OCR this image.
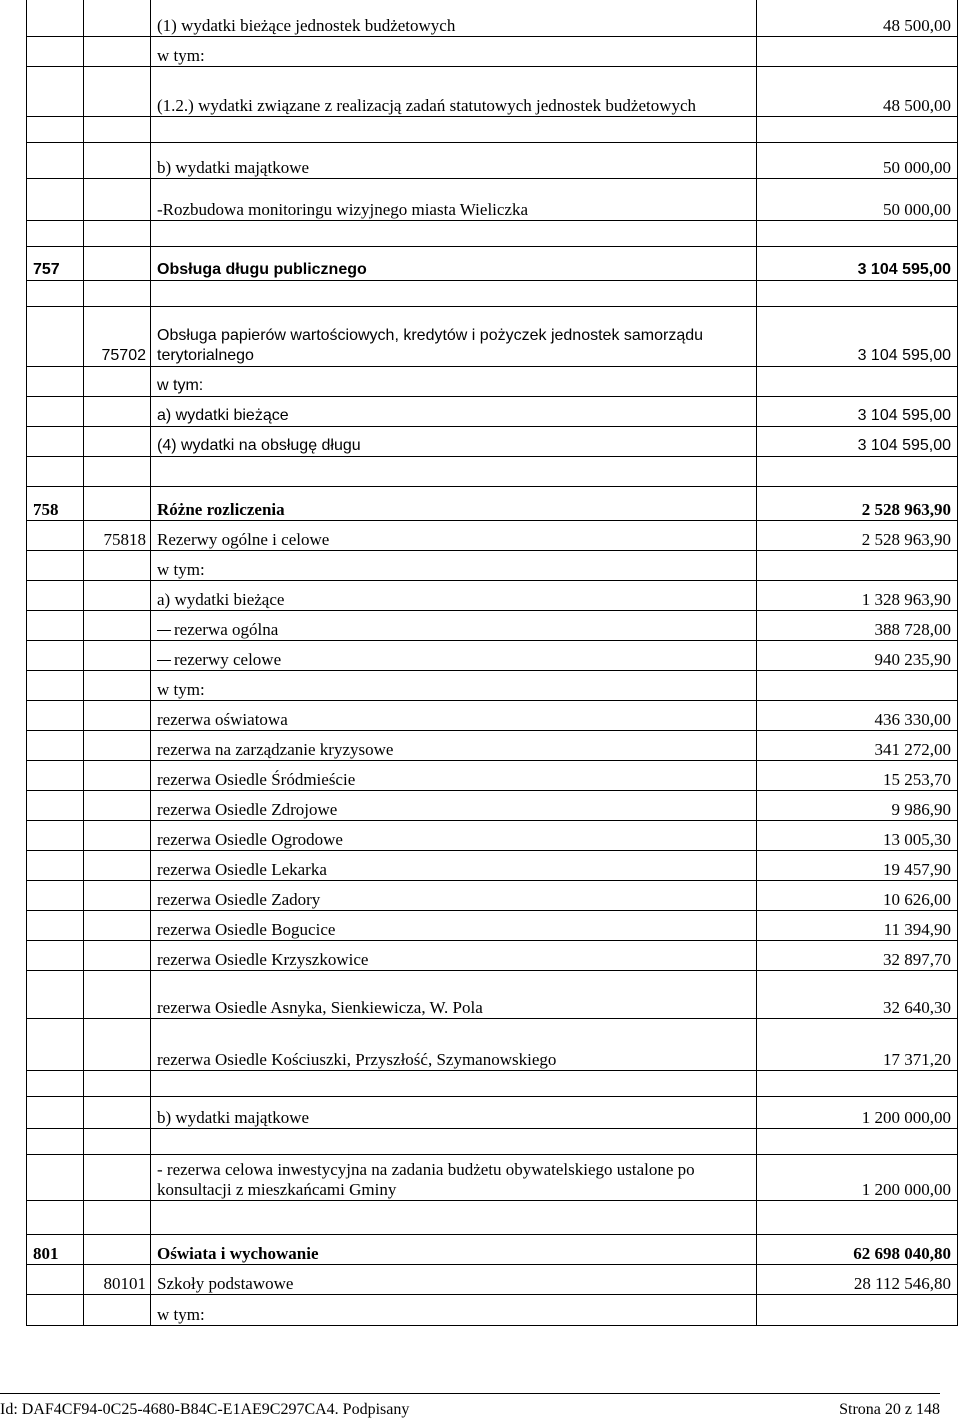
		(1) wydatki bieżące jednostek budżetowych	48 500,00
		w tym:	
		(1.2.) wydatki związane z realizacją zadań statutowych jednostek budżetowych	48 500,00

		b) wydatki majątkowe	50 000,00
		-Rozbudowa monitoringu wizyjnego miasta Wieliczka	50 000,00

757		Obsługa długu publicznego	3 104 595,00

	75702	Obsługa papierów wartościowych, kredytów i pożyczek jednostek samorządu terytorialnego	3 104 595,00
		w tym:	
		a) wydatki bieżące	3 104 595,00
		(4) wydatki na obsługę długu	3 104 595,00

758		Różne rozliczenia	2 528 963,90
	75818	Rezerwy ogólne i celowe	2 528 963,90
		w tym:	
		a) wydatki bieżące	1 328 963,90
		rezerwa ogólna	388 728,00
		rezerwy celowe	940 235,90
		w tym:	
		rezerwa oświatowa	436 330,00
		rezerwa na zarządzanie kryzysowe	341 272,00
		rezerwa Osiedle Śródmieście	15 253,70
		rezerwa Osiedle Zdrojowe	9 986,90
		rezerwa Osiedle Ogrodowe	13 005,30
		rezerwa Osiedle Lekarka	19 457,90
		rezerwa Osiedle Zadory	10 626,00
		rezerwa Osiedle Bogucice	11 394,90
		rezerwa Osiedle Krzyszkowice	32 897,70
		rezerwa Osiedle Asnyka, Sienkiewicza, W. Pola	32 640,30
		rezerwa Osiedle Kościuszki, Przyszłość, Szymanowskiego	17 371,20

		b) wydatki majątkowe	1 200 000,00

		- rezerwa celowa inwestycyjna na zadania budżetu obywatelskiego ustalone po konsultacji z mieszkańcami Gminy	1 200 000,00

801		Oświata i wychowanie	62 698 040,80
	80101	Szkoły podstawowe	28 112 546,80
		w tym:	
Id: DAF4CF94-0C25-4680-B84C-E1AE9C297CA4. Podpisany	Strona 20 z 148
